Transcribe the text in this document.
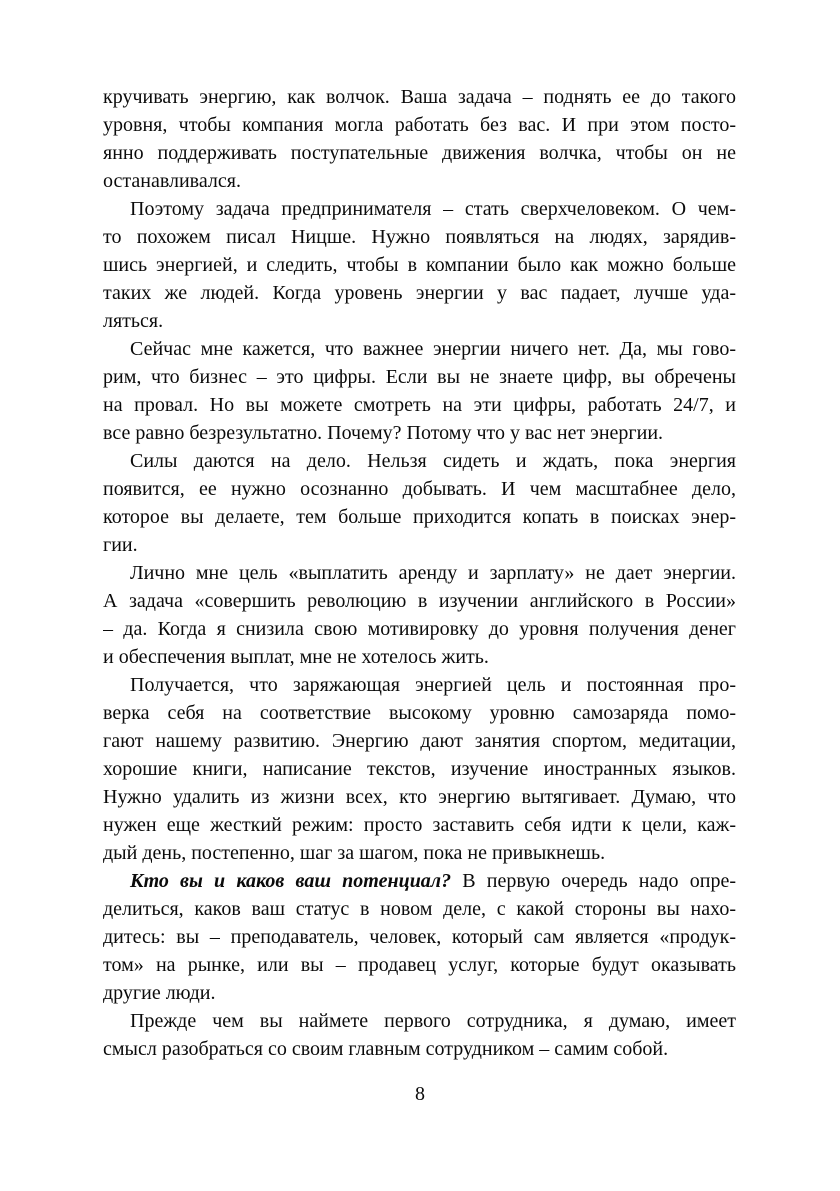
кручивать энергию, как волчок. Ваша задача – поднять ее до такого
уровня, чтобы компания могла работать без вас. И при этом посто-
янно поддерживать поступательные движения волчка, чтобы он не
останавливался.
Поэтому задача предпринимателя – стать сверхчеловеком. О чем-
то похожем писал Ницше. Нужно появляться на людях, зарядив-
шись энергией, и следить, чтобы в компании было как можно больше
таких же людей. Когда уровень энергии у вас падает, лучше уда-
ляться.
Сейчас мне кажется, что важнее энергии ничего нет. Да, мы гово-
рим, что бизнес – это цифры. Если вы не знаете цифр, вы обречены
на провал. Но вы можете смотреть на эти цифры, работать 24/7, и
все равно безрезультатно. Почему? Потому что у вас нет энергии.
Силы даются на дело. Нельзя сидеть и ждать, пока энергия
появится, ее нужно осознанно добывать. И чем масштабнее дело,
которое вы делаете, тем больше приходится копать в поисках энер-
гии.
Лично мне цель «выплатить аренду и зарплату» не дает энергии.
А задача «совершить революцию в изучении английского в России»
– да. Когда я снизила свою мотивировку до уровня получения денег
и обеспечения выплат, мне не хотелось жить.
Получается, что заряжающая энергией цель и постоянная про-
верка себя на соответствие высокому уровню самозаряда помо-
гают нашему развитию. Энергию дают занятия спортом, медитации,
хорошие книги, написание текстов, изучение иностранных языков.
Нужно удалить из жизни всех, кто энергию вытягивает. Думаю, что
нужен еще жесткий режим: просто заставить себя идти к цели, каж-
дый день, постепенно, шаг за шагом, пока не привыкнешь.
Кто вы и каков ваш потенциал? В первую очередь надо опре-
делиться, каков ваш статус в новом деле, с какой стороны вы нахо-
дитесь: вы – преподаватель, человек, который сам является «продук-
том» на рынке, или вы – продавец услуг, которые будут оказывать
другие люди.
Прежде чем вы наймете первого сотрудника, я думаю, имеет
смысл разобраться со своим главным сотрудником – самим собой.
8
